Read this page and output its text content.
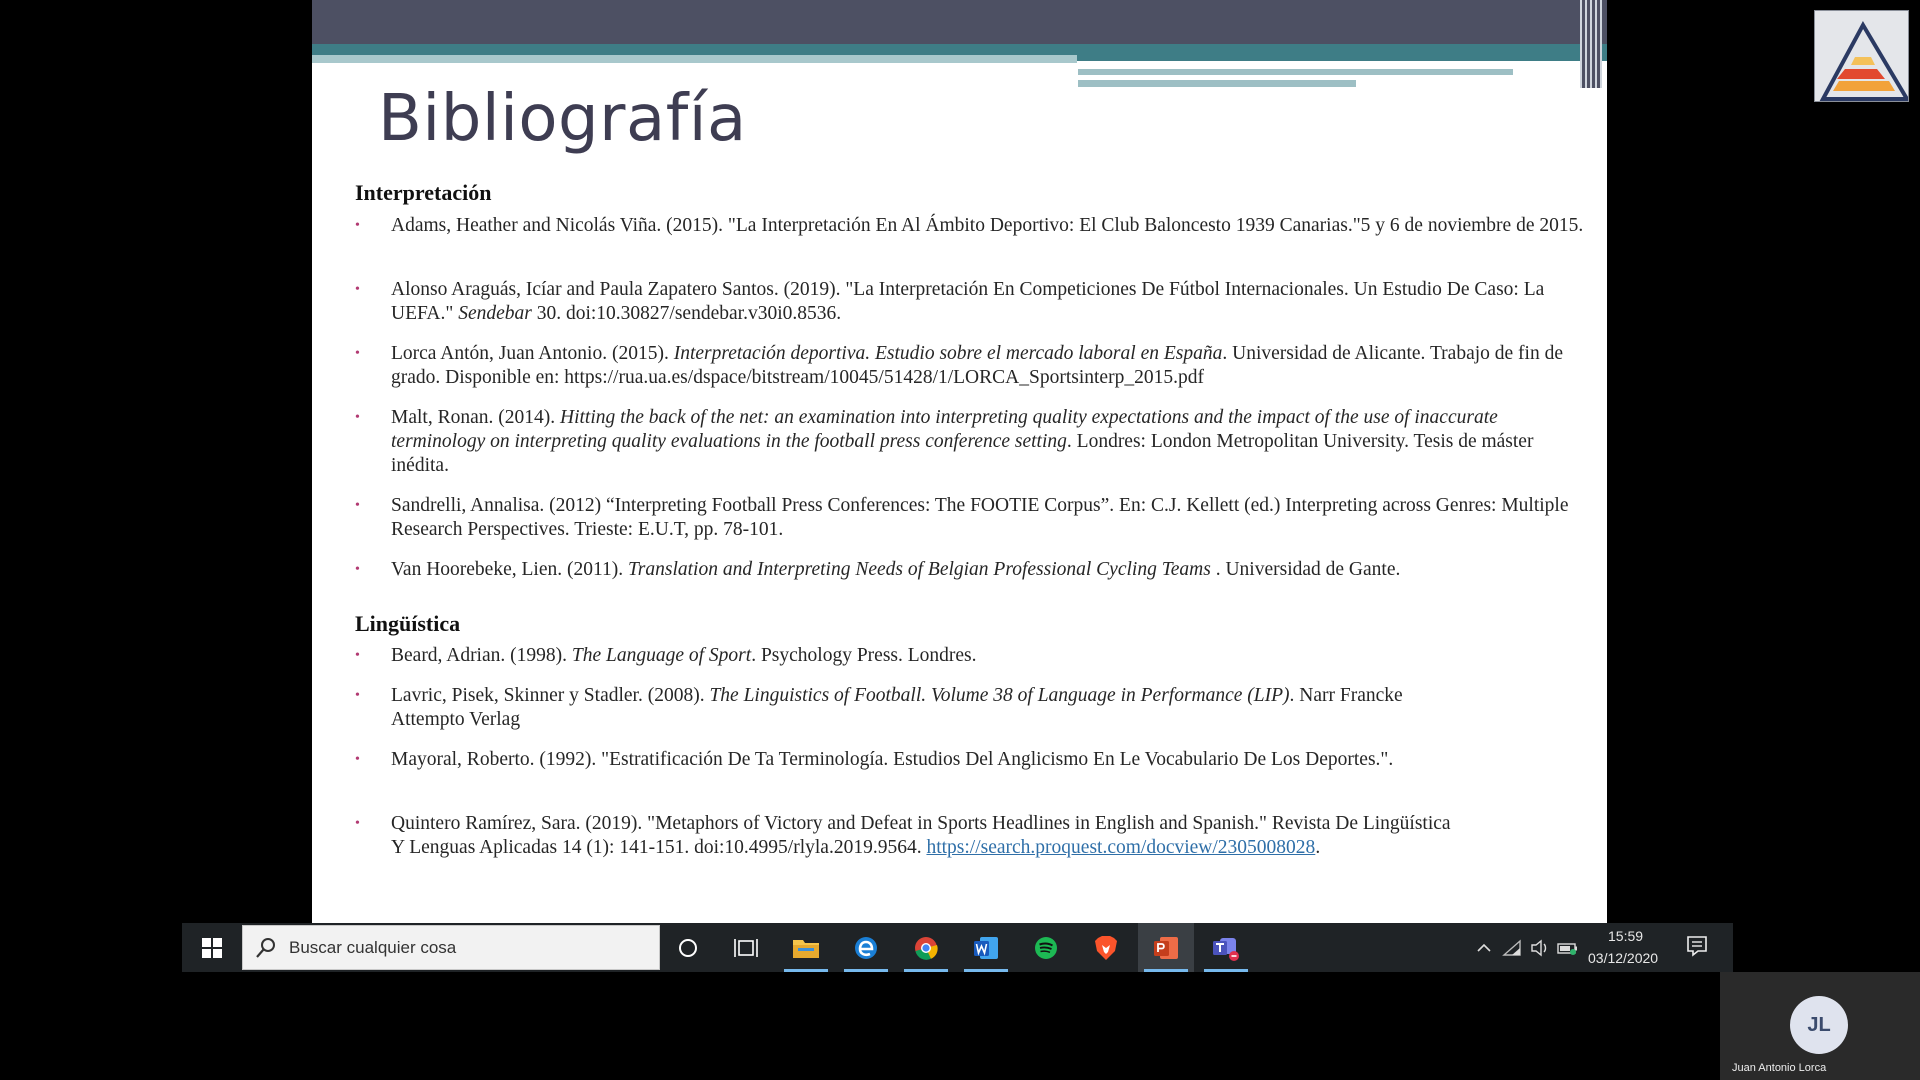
Bibliografía
Interpretación
• Adams, Heather and Nicolás Viña. (2015). "La Interpretación En Al Ámbito Deportivo: El Club Baloncesto 1939 Canarias."5 y 6 de noviembre de 2015.
• Alonso Araguás, Icíar and Paula Zapatero Santos. (2019). "La Interpretación En Competiciones De Fútbol Internacionales. Un Estudio De Caso: La UEFA." Sendebar 30. doi:10.30827/sendebar.v30i0.8536.
• Lorca Antón, Juan Antonio. (2015). Interpretación deportiva. Estudio sobre el mercado laboral en España. Universidad de Alicante. Trabajo de fin de grado. Disponible en: https://rua.ua.es/dspace/bitstream/10045/51428/1/LORCA_Sportsinterp_2015.pdf
• Malt, Ronan. (2014). Hitting the back of the net: an examination into interpreting quality expectations and the impact of the use of inaccurate terminology on interpreting quality evaluations in the football press conference setting. Londres: London Metropolitan University. Tesis de máster inédita.
• Sandrelli, Annalisa. (2012) “Interpreting Football Press Conferences: The FOOTIE Corpus”. En: C.J. Kellett (ed.) Interpreting across Genres: Multiple Research Perspectives. Trieste: E.U.T, pp. 78-101.
• Van Hoorebeke, Lien. (2011). Translation and Interpreting Needs of Belgian Professional Cycling Teams . Universidad de Gante.
Lingüística
• Beard, Adrian. (1998). The Language of Sport. Psychology Press. Londres.
• Lavric, Pisek, Skinner y Stadler. (2008). The Linguistics of Football. Volume 38 of Language in Performance (LIP). Narr Francke Attempto Verlag
• Mayoral, Roberto. (1992). "Estratificación De Ta Terminología. Estudios Del Anglicismo En Le Vocabulario De Los Deportes.".
• Quintero Ramírez, Sara. (2019). "Metaphors of Victory and Defeat in Sports Headlines in English and Spanish." Revista De Lingüística Y Lenguas Aplicadas 14 (1): 141-151. doi:10.4995/rlyla.2019.9564. https://search.proquest.com/docview/2305008028.
Buscar cualquier cosa
15:59
03/12/2020
JL
Juan Antonio Lorca
